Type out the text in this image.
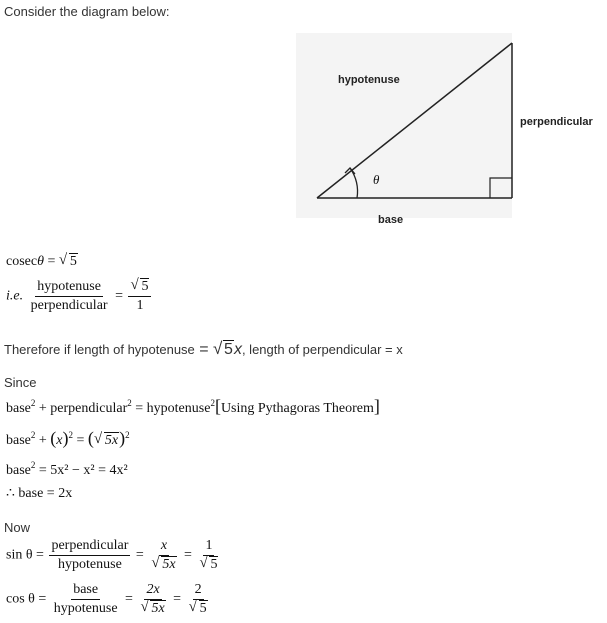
Consider the diagram below:
hypotenuse
perpendicular
base
θ
cosecθ = √ 5
i.e. $\frac{\text{hypotenuse}}{\text{perpendicular}} = \frac{√ 5}{1}$
Therefore if length of hypotenuse = √ 5x, length of perpendicular = x
Since
base$^2$ + perpendicular$^2$ = hypotenuse$^2$[Using Pythagoras Theorem]
base$^2$ + $(x)^2$ = ( √ 5x)$^2$
base$^2$ = 5x² − x² = 4x²
∴ base = 2x
Now
$\sin \theta = \frac{\text{perpendicular}}{\text{hypotenuse}} = \frac{x}{√ 5x} = \frac{1}{√ 5}$
$\cos \theta = \frac{\text{base}}{\text{hypotenuse}} = \frac{2x}{√ 5x} = \frac{2}{√ 5}$
